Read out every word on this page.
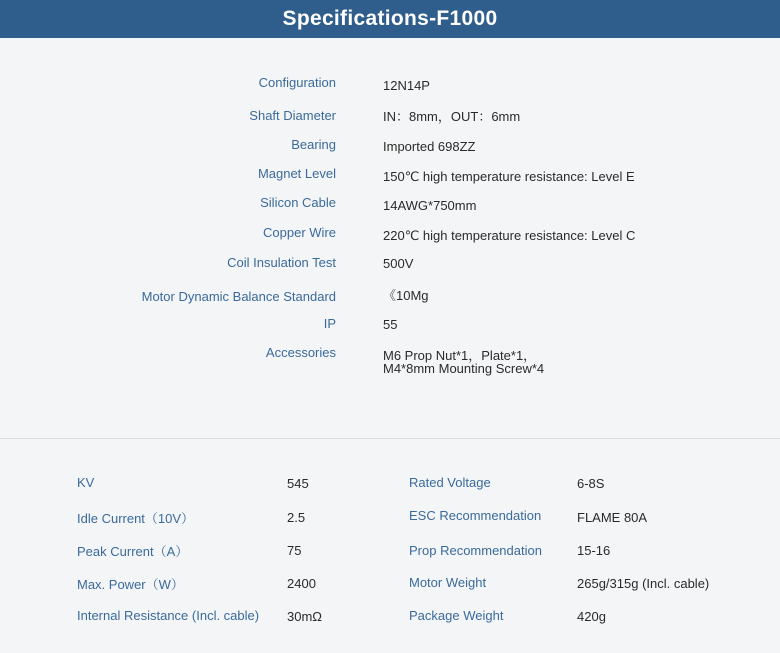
Specifications-F1000
Configuration	12N14P
Shaft Diameter	IN：8mm，OUT：6mm
Bearing	Imported 698ZZ
Magnet Level	150℃ high temperature resistance: Level E
Silicon Cable	14AWG*750mm
Copper Wire	220℃ high temperature resistance: Level C
Coil Insulation Test	500V
Motor Dynamic Balance Standard	《10Mg
IP	55
Accessories	M6 Prop Nut*1，Plate*1，
M4*8mm Mounting Screw*4
KV	545
Idle Current（10V）	2.5
Peak Current（A）	75
Max. Power（W）	2400
Internal Resistance (Incl. cable) 30mΩ
Rated Voltage	6-8S
ESC Recommendation	FLAME 80A
Prop Recommendation	15-16
Motor Weight	265g/315g (Incl. cable)
Package Weight	420g
